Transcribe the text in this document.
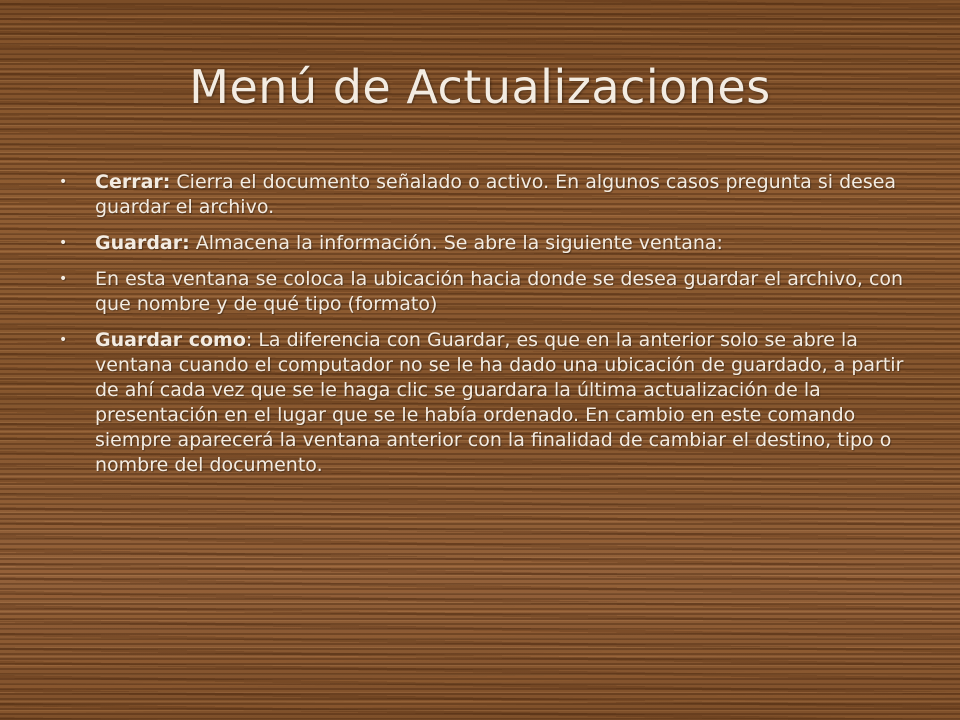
Menú de Actualizaciones
• Cerrar: Cierra el documento señalado o activo. En algunos casos pregunta si desea guardar el archivo.
• Guardar: Almacena la información. Se abre la siguiente ventana:
• En esta ventana se coloca la ubicación hacia donde se desea guardar el archivo, con que nombre y de qué tipo (formato)
• Guardar como: La diferencia con Guardar, es que en la anterior solo se abre la ventana cuando el computador no se le ha dado una ubicación de guardado, a partir de ahí cada vez que se le haga clic se guardara la última actualización de la presentación en el lugar que se le había ordenado. En cambio en este comando siempre aparecerá la ventana anterior con la finalidad de cambiar el destino, tipo o nombre del documento.
